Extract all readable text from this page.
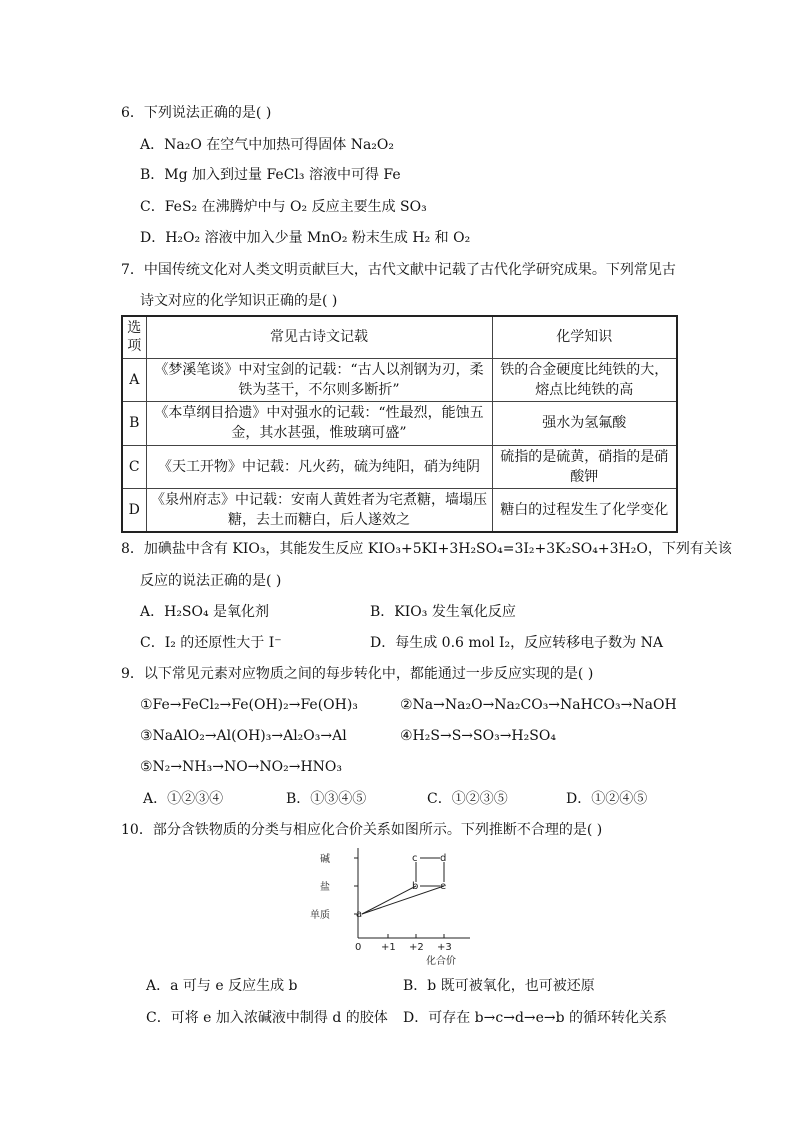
6．下列说法正确的是( )
A．Na₂O 在空气中加热可得固体 Na₂O₂
B．Mg 加入到过量 FeCl₃ 溶液中可得 Fe
C．FeS₂ 在沸腾炉中与 O₂ 反应主要生成 SO₃
D．H₂O₂ 溶液中加入少量 MnO₂ 粉末生成 H₂ 和 O₂
7．中国传统文化对人类文明贡献巨大，古代文献中记载了古代化学研究成果。下列常见古
诗文对应的化学知识正确的是( )
选项	常见古诗文记载	化学知识
A	《梦溪笔谈》中对宝剑的记载：“古人以剂钢为刃，柔铁为茎干，不尔则多断折”	铁的合金硬度比纯铁的大，熔点比纯铁的高
B	《本草纲目拾遗》中对强水的记载：“性最烈，能蚀五金，其水甚强，惟玻璃可盛”	强水为氢氟酸
C	《天工开物》中记载：凡火药，硫为纯阳，硝为纯阴	硫指的是硫黄，硝指的是硝酸钾
D	《泉州府志》中记载：安南人黄姓者为宅煮糖，墙塌压糖，去土而糖白，后人遂效之	糖白的过程发生了化学变化
8．加碘盐中含有 KIO₃，其能发生反应 KIO₃+5KI+3H₂SO₄=3I₂+3K₂SO₄+3H₂O，下列有关该
反应的说法正确的是( )
A．H₂SO₄ 是氧化剂	B．KIO₃ 发生氧化反应
C．I₂ 的还原性大于 I⁻	D．每生成 0.6 mol I₂，反应转移电子数为 NA
9．以下常见元素对应物质之间的每步转化中，都能通过一步反应实现的是( )
①Fe→FeCl₂→Fe(OH)₂→Fe(OH)₃	②Na→Na₂O→Na₂CO₃→NaHCO₃→NaOH
③NaAlO₂→Al(OH)₃→Al₂O₃→Al	④H₂S→S→SO₃→H₂SO₄
⑤N₂→NH₃→NO→NO₂→HNO₃
A．①②③④	B．①③④⑤	C．①②③⑤	D．①②④⑤
10．部分含铁物质的分类与相应化合价关系如图所示。下列推断不合理的是( )
碱
盐
单质
0 +1 +2 +3
化合价
a
b
c d
e
A．a 可与 e 反应生成 b	B．b 既可被氧化，也可被还原
C．可将 e 加入浓碱液中制得 d 的胶体 D．可存在 b→c→d→e→b 的循环转化关系
